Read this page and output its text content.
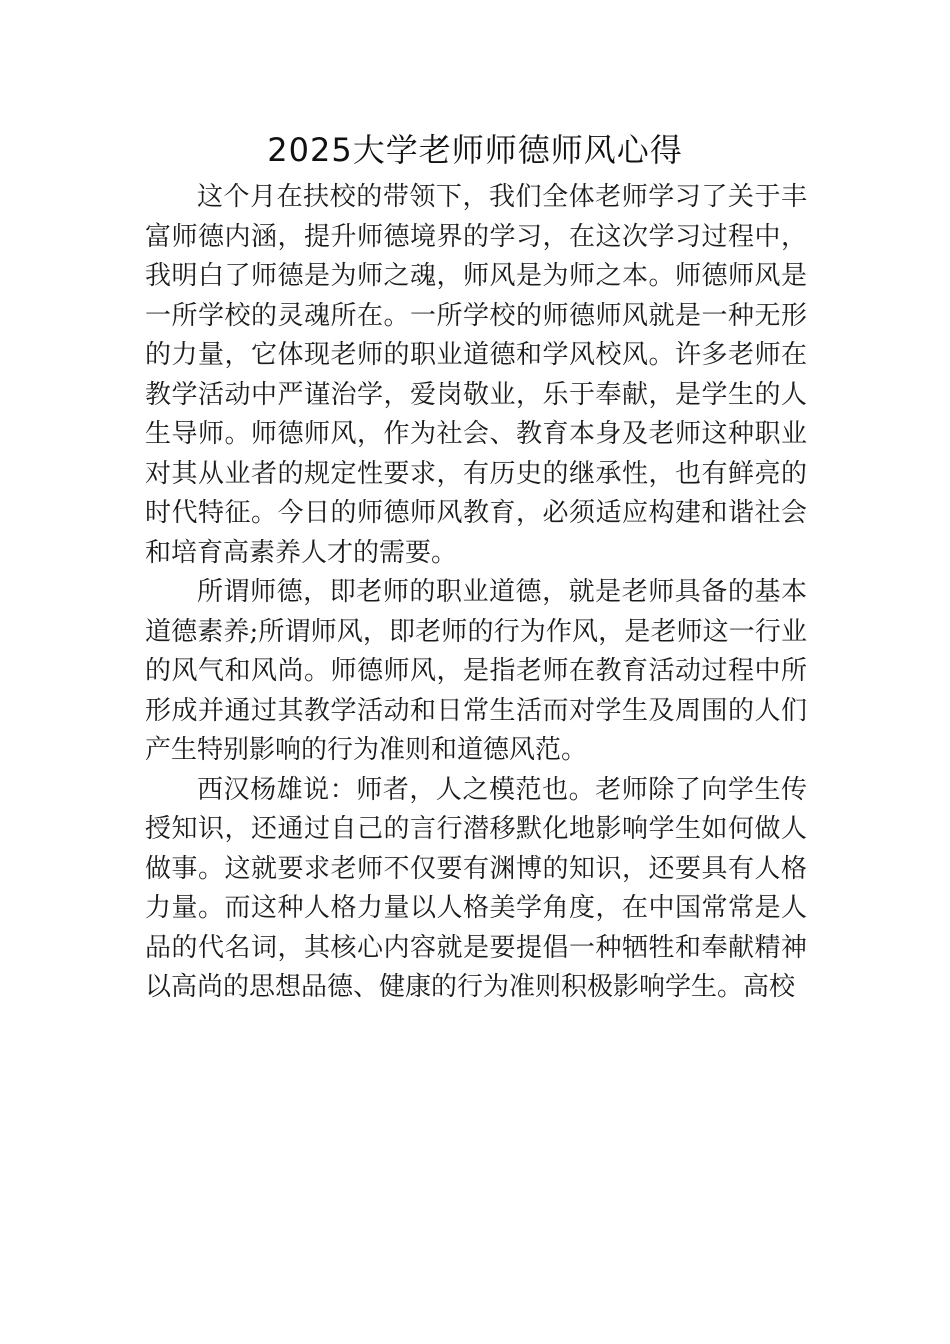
2025大学老师师德师风心得

这个月在扶校的带领下，我们全体老师学习了关于丰富师德内涵，提升师德境界的学习，在这次学习过程中，我明白了师德是为师之魂，师风是为师之本。师德师风是一所学校的灵魂所在。一所学校的师德师风就是一种无形的力量，它体现老师的职业道德和学风校风。许多老师在教学活动中严谨治学，爱岗敬业，乐于奉献，是学生的人生导师。师德师风，作为社会、教育本身及老师这种职业对其从业者的规定性要求，有历史的继承性，也有鲜亮的时代特征。今日的师德师风教育，必须适应构建和谐社会和培育高素养人才的需要。

所谓师德，即老师的职业道德，就是老师具备的基本道德素养;所谓师风，即老师的行为作风，是老师这一行业的风气和风尚。师德师风，是指老师在教育活动过程中所形成并通过其教学活动和日常生活而对学生及周围的人们产生特别影响的行为准则和道德风范。

西汉杨雄说：师者，人之模范也。老师除了向学生传授知识，还通过自己的言行潜移默化地影响学生如何做人做事。这就要求老师不仅要有渊博的知识，还要具有人格力量。而这种人格力量以人格美学角度，在中国常常是人品的代名词，其核心内容就是要提倡一种牺牲和奉献精神以高尚的思想品德、健康的行为准则积极影响学生。高校
